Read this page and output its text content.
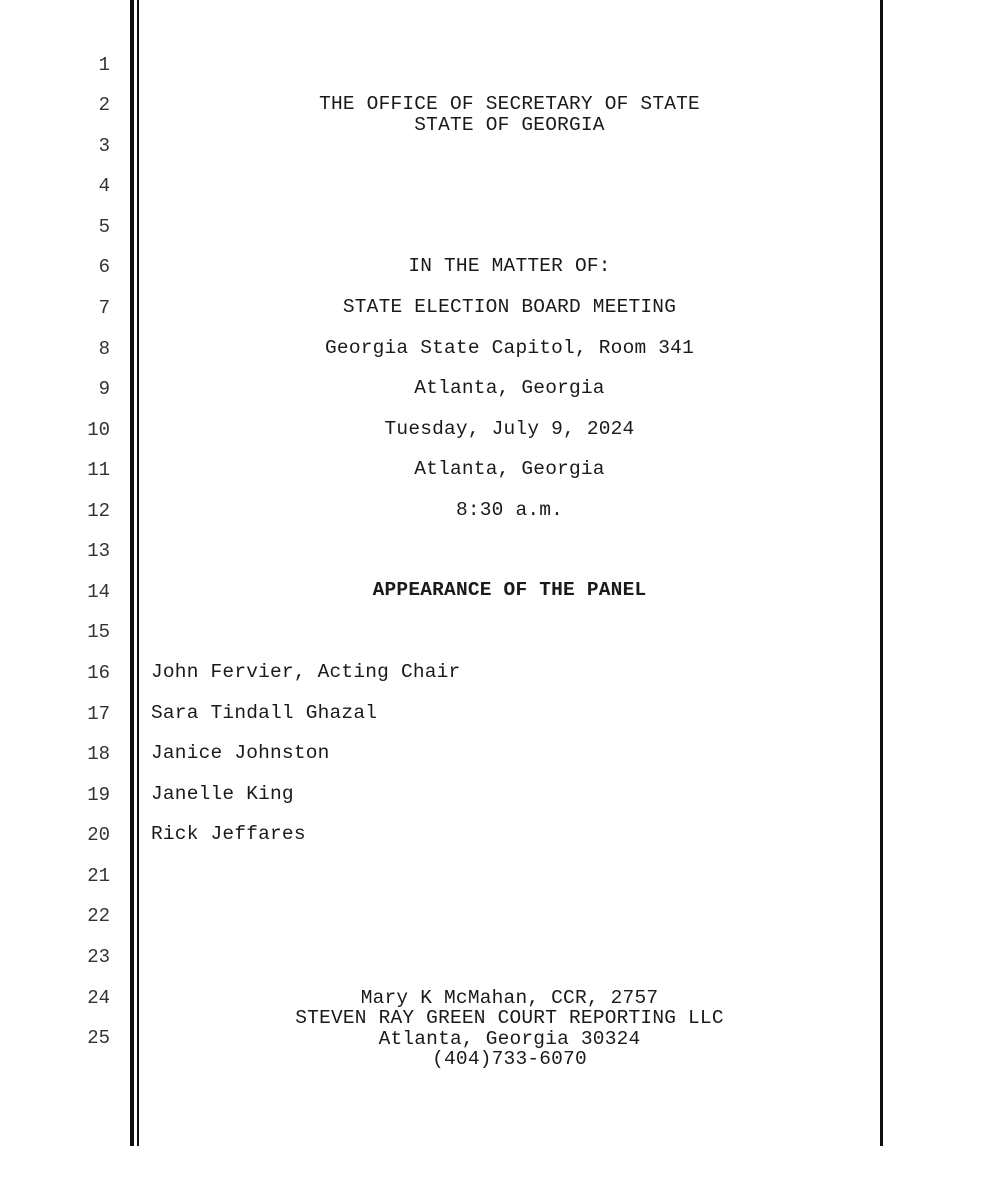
1
2
3
4
5
6
7
8
9
10
11
12
13
14
15
16
17
18
19
20
21
22
23
24
25
THE OFFICE OF SECRETARY OF STATE
STATE OF GEORGIA
IN THE MATTER OF:
STATE ELECTION BOARD MEETING
Georgia State Capitol, Room 341
Atlanta, Georgia
Tuesday, July 9, 2024
Atlanta, Georgia
8:30 a.m.
APPEARANCE OF THE PANEL
John Fervier, Acting Chair
Sara Tindall Ghazal
Janice Johnston
Janelle King
Rick Jeffares
Mary K McMahan, CCR, 2757
STEVEN RAY GREEN COURT REPORTING LLC
Atlanta, Georgia 30324
(404)733-6070
